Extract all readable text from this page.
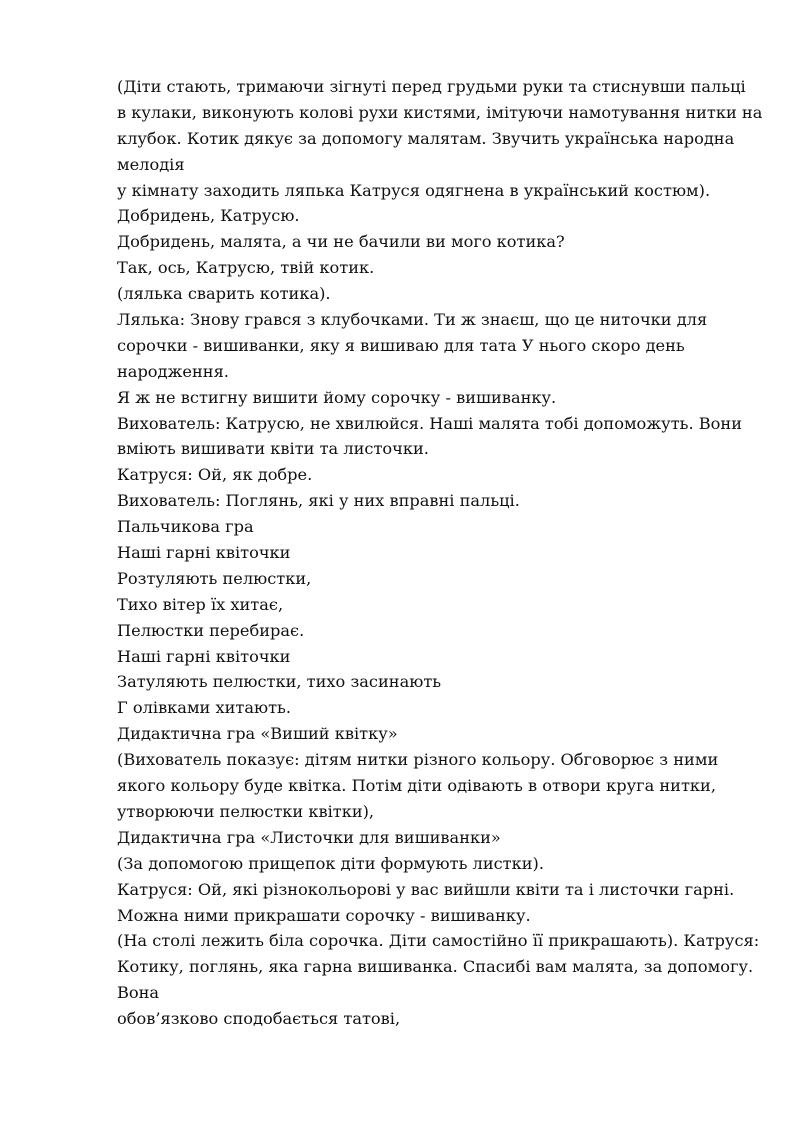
(Діти стають, тримаючи зігнуті перед грудьми руки та стиснувши пальці
в кулаки, виконують колові рухи кистями, імітуючи намотування нитки на
клубок. Котик дякує за допомогу малятам. Звучить українська народна
мелодія
у кімнату заходить ляпька Катруся одягнена в український костюм).
Добридень, Катрусю.
Добридень, малята, а чи не бачили ви мого котика?
Так, ось, Катрусю, твій котик.
(лялька сварить котика).
Лялька: Знову грався з клубочками. Ти ж знаєш, що це ниточки для
сорочки - вишиванки, яку я вишиваю для тата У нього скоро день
народження.
Я ж не встигну вишити йому сорочку - вишиванку.
Вихователь: Катрусю, не хвилюйся. Наші малята тобі допоможуть. Вони
вміють вишивати квіти та листочки.
Катруся: Ой, як добре.
Вихователь: Поглянь, які у них вправні пальці.
Пальчикова гра
Наші гарні квіточки
Розтуляють пелюстки,
Тихо вітер їх хитає,
Пелюстки перебирає.
Наші гарні квіточки
Затуляють пелюстки, тихо засинають
Г олівками хитають.
Дидактична гра «Виший квітку»
(Вихователь показує: дітям нитки різного кольору. Обговорює з ними
якого кольору буде квітка. Потім діти одівають в отвори круга нитки,
утворюючи пелюстки квітки),
Дидактична гра «Листочки для вишиванки»
(За допомогою прищепок діти формують листки).
Катруся: Ой, які різнокольорові у вас вийшли квіти та і листочки гарні.
Можна ними прикрашати сорочку - вишиванку.
(На столі лежить біла сорочка. Діти самостійно її прикрашають). Катруся:
Котику, поглянь, яка гарна вишиванка. Спасибі вам малята, за допомогу.
Вона
обов’язково сподобається татові,
